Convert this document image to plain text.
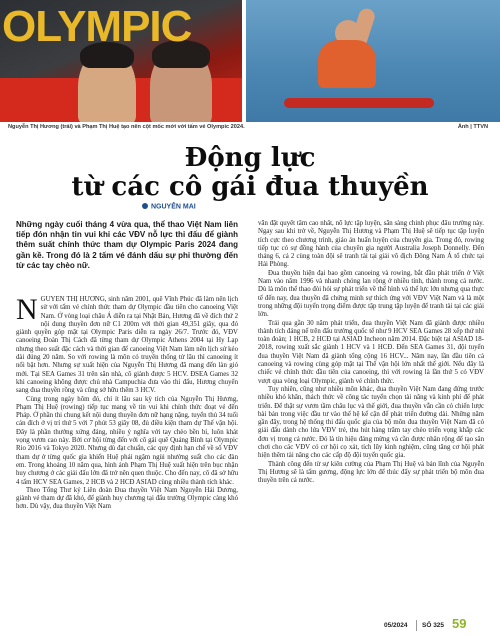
OLYMPIC
Nguyễn Thị Hương (trái) và Phạm Thị Huệ tạo nên cột mốc mới với tấm vé Olympic 2024.	Ảnh | TTVN
Động lực
từ các cô gái đua thuyền
NGUYỄN MAI

Những ngày cuối tháng 4 vừa qua, thể thao Việt Nam liên tiếp đón nhận tin vui khi các VĐV nỗ lực thi đấu để giành thêm suất chính thức tham dự Olympic Paris 2024 đang gần kề. Trong đó là 2 tấm vé đánh dấu sự phi thường đến từ các tay chèo nữ.

NGUYỄN THỊ HƯƠNG, sinh năm 2001, quê Vĩnh Phúc đã làm nên lịch sử với tấm vé chính thức tham dự Olympic đầu tiên cho canoeing Việt Nam. Ở vòng loại châu Á diễn ra tại Nhật Bản, Hương đã về đích thứ 2 nội dung thuyền đơn nữ C1 200m với thời gian 49,351 giây, qua đó giành quyền góp mặt tại Olympic Paris diễn ra ngày 26/7. Trước đó, VĐV canoeing Đoàn Thị Cách đã từng tham dự Olympic Athens 2004 tại Hy Lạp nhưng theo suất đặc cách và thời gian để canoeing Việt Nam làm nên lịch sử kéo dài đúng 20 năm. So với rowing là môn có truyền thống tử lâu thì canoeing ít nổi bật hơn. Nhưng sự xuất hiện của Nguyễn Thị Hương đã mang đến làn gió mới. Tại SEA Games 31 trên sân nhà, cô giành được 5 HCV. ĐSEA Games 32 khi canoeing không được chủ nhà Campuchia đưa vào thi đấu, Hương chuyển sang đua thuyền rồng và cũng sở hữu thêm 3 HCV.

Cùng trong ngày hôm đó, chỉ ít lâu sau kỳ tích của Nguyễn Thị Hương, Phạm Thị Huệ (rowing) tiếp tục mang về tin vui khi chính thức đoạt vé đến Pháp. Ở phần thi chung kết nội dung thuyền đơn nữ hạng nặng, tuyển thủ 34 tuổi cán đích ở vị trí thứ 5 với 7 phút 53 giây 08, đủ điều kiện tham dự Thế vận hội. Đây là phần thưởng xứng đáng, nhiều ý nghĩa với tay chèo bền bỉ, luôn khát vọng vươn cao này. Bởi cơ hội từng đến với cô gái quê Quảng Bình tại Olympic Rio 2016 và Tokyo 2020. Nhưng dù đạt chuẩn, các quy định hạn chế về số VĐV tham dự ở từng quốc gia khiến Huệ phải ngậm ngùi nhường suất cho các đàn em. Trong khoảng 10 năm qua, hình ảnh Phạm Thị Huệ xuất hiện trên bục nhận huy chương ở các giải đấu lớn đã trở nên quen thuộc. Cho đến nay, cô đã sở hữu 4 tấm HCV SEA Games, 2 HCB và 2 HCĐ ASIAD cùng nhiều thành tích khác.

Theo Tổng Thư ký Liên đoàn Đua thuyền Việt Nam Nguyễn Hải Dương, giành vé tham dự đã khó, để giành huy chương tại đấu trường Olympic càng khó hơn. Dù vậy, đua thuyền Việt Nam

vẫn đặt quyết tâm cao nhất, nỗ lực tập luyện, sẵn sàng chinh phục đấu trường này. Ngay sau khi trở về, Nguyễn Thị Hương và Phạm Thị Huệ sẽ tiếp tục tập luyện tích cực theo chương trình, giáo án huấn luyện của chuyên gia. Trong đó, rowing tiếp tục có sự đồng hành của chuyên gia người Australia Joseph Donnelly. Đến tháng 6, cả 2 cùng toàn đội sẽ tranh tài tại giải vô địch Đông Nam Á tổ chức tại Hải Phòng.

Đua thuyền hiện đại bao gồm canoeing và rowing, bắt đầu phát triển ở Việt Nam vào năm 1996 và nhanh chóng lan rộng ở nhiều tỉnh, thành trong cả nước. Dù là môn thể thao đòi hỏi sự phát triển về thể hình và thể lực lớn nhưng qua thực tế đến nay, đua thuyền đã chứng minh sự thích ứng với VĐV Việt Nam và là một trong những đội tuyển trọng điểm được tập trung tập luyện để tranh tài tại các giải lớn.

Trải qua gần 30 năm phát triển, đua thuyền Việt Nam đã giành được nhiều thành tích đáng nể trên đấu trường quốc tế như 9 HCV SEA Games 28 xếp thứ nhì toàn đoàn; 1 HCB, 2 HCĐ tại ASIAD Incheon năm 2014. Đặc biệt tại ASIAD 18-2018, rowing xuất sắc giành 1 HCV và 1 HCĐ. Đến SEA Games 31, đội tuyển đua thuyền Việt Nam đã giành tổng cộng 16 HCV... Năm nay, lần đầu tiên cả canoeing và rowing cùng góp mặt tại Thế vận hội lớn nhất thế giới. Nếu đây là chiếc vé chính thức đầu tiên của canoeing, thì với rowing là lần thứ 5 có VĐV vượt qua vòng loại Olympic, giành vé chính thức.

Tuy nhiên, cũng như nhiều môn khác, đua thuyền Việt Nam đang đứng trước nhiều khó khăn, thách thức về công tác tuyển chọn tài năng và kinh phí để phát triển. Để thật sự vươn tầm châu lục và thế giới, đua thuyền vẫn cần có chiến lược bài bản trong việc đầu tư vào thể hệ kế cận để phát triển đường dài. Những năm gần đây, trong hệ thống thi đấu quốc gia của bộ môn đua thuyền Việt Nam đã có giải đấu dành cho lứa VĐV trẻ, thu hút hàng trăm tay chèo triển vọng khắp các đơn vị trong cả nước. Đó là tín hiệu đáng mừng và cần được nhân rộng để tạo sân chơi cho các VĐV có cơ hội cọ xát, tích lũy kinh nghiệm, cũng tăng cơ hội phát hiện thêm tài năng cho các cấp độ đội tuyển quốc gia.

Thành công đến từ sự kiên cường của Phạm Thị Huệ và bản lĩnh của Nguyễn Thị Hương sẽ là tấm gương, động lực lớn để thúc đẩy sự phát triển bộ môn đua thuyền trên cả nước.

05/2024 SỐ 325 59
